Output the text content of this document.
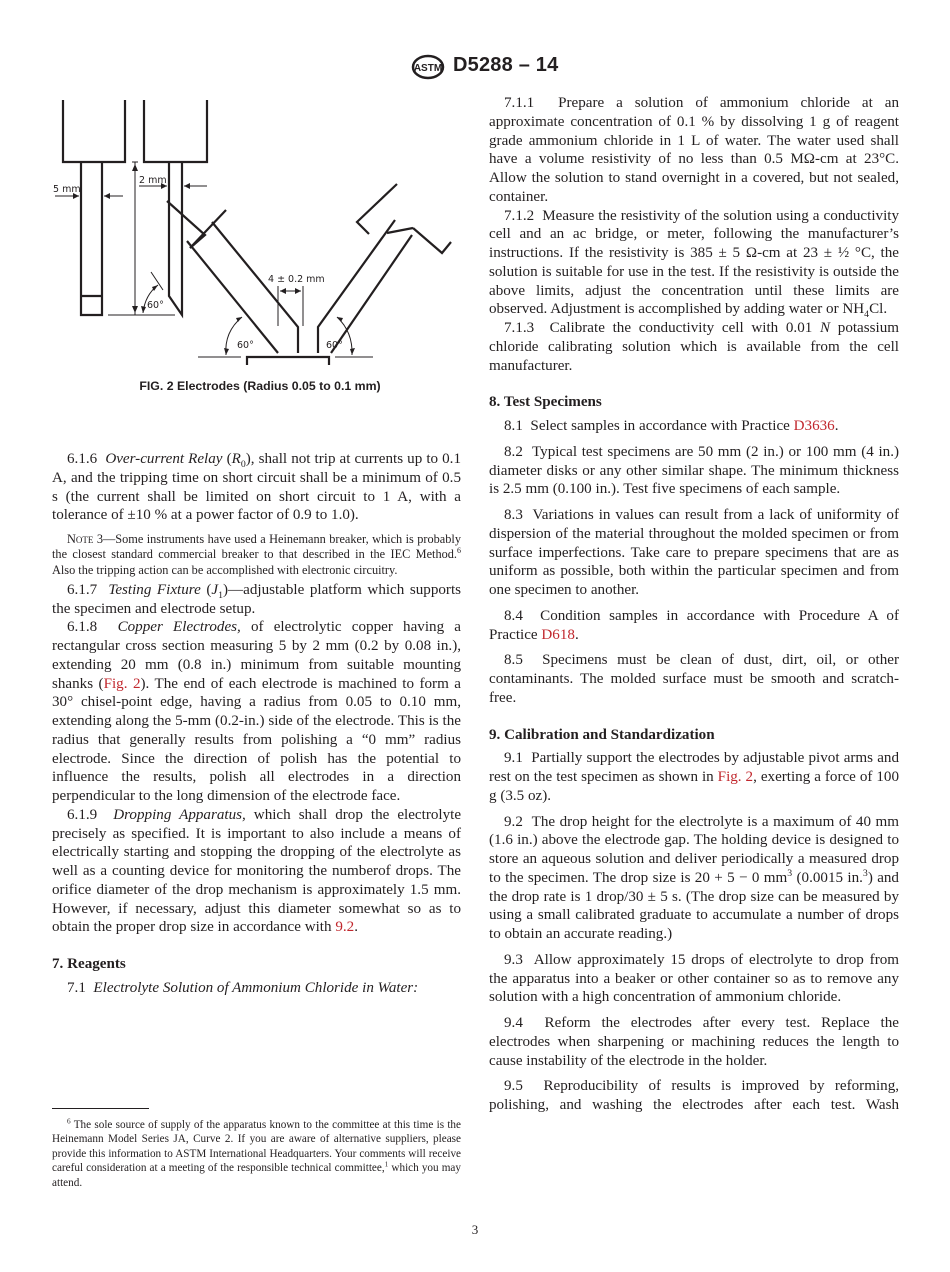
ASTM D5288 – 14
5 mm
2 mm
60°
4 ± 0.2 mm
60°	60°
FIG. 2 Electrodes (Radius 0.05 to 0.1 mm)

6.1.6 Over-current Relay $(R_0)$, shall not trip at currents up to 0.1 A, and the tripping time on short circuit shall be a minimum of 0.5 s (the current shall be limited on short circuit to 1 A, with a tolerance of ±10 % at a power factor of 0.9 to 1.0).

Note 3—Some instruments have used a Heinemann breaker, which is probably the closest standard commercial breaker to that described in the IEC Method.$^6$ Also the tripping action can be accomplished with electronic circuitry.

6.1.7 Testing Fixture $(J_1)—adjustable$ platform which supports the specimen and electrode setup.

6.1.8 Copper Electrodes, of electrolytic copper having a rectangular cross section measuring 5 by 2 mm (0.2 by 0.08 in.), extending 20 mm (0.8 in.) minimum from suitable mounting shanks (Fig. 2). The end of each electrode is machined to form a 30° chisel-point edge, having a radius from 0.05 to 0.10 mm, extending along the 5-mm (0.2-in.) side of the electrode. This is the radius that generally results from polishing a “0 mm” radius electrode. Since the direction of polish has the potential to influence the results, polish all electrodes in a direction perpendicular to the long dimension of the electrode face.

6.1.9 Dropping Apparatus, which shall drop the electrolyte precisely as specified. It is important to also include a means of electrically starting and stopping the dropping of the electrolyte as well as a counting device for monitoring the numberof drops. The orifice diameter of the drop mechanism is approximately 1.5 mm. However, if necessary, adjust this diameter somewhat so as to obtain the proper drop size in accordance with 9.2.

7. Reagents

7.1 Electrolyte Solution of Ammonium Chloride in Water:

$^6$ The sole source of supply of the apparatus known to the committee at this time is the Heinemann Model Series JA, Curve 2. If you are aware of alternative suppliers, please provide this information to ASTM International Headquarters. Your comments will receive careful consideration at a meeting of the responsible technical committee,$^1$ which you may attend.

7.1.1 Prepare a solution of ammonium chloride at an approximate concentration of 0.1 % by dissolving 1 g of reagent grade ammonium chloride in 1 L of water. The water used shall have a volume resistivity of no less than 0.5 MΩ-cm at 23°C. Allow the solution to stand overnight in a covered, but not sealed, container.

7.1.2 Measure the resistivity of the solution using a conductivity cell and an ac bridge, or meter, following the manufacturer’s instructions. If the resistivity is 385 ± 5 Ω-cm at 23 ± ½ °C, the solution is suitable for use in the test. If the resistivity is outside the above limits, adjust the concentration until these limits are observed. Adjustment is accomplished by adding water or $NH_4Cl$.

7.1.3 Calibrate the conductivity cell with 0.01 N potassium chloride calibrating solution which is available from the cell manufacturer.

8. Test Specimens

8.1 Select samples in accordance with Practice D3636.

8.2 Typical test specimens are 50 mm (2 in.) or 100 mm (4 in.) diameter disks or any other similar shape. The minimum thickness is 2.5 mm (0.100 in.). Test five specimens of each sample.

8.3 Variations in values can result from a lack of uniformity of dispersion of the material throughout the molded specimen or from surface imperfections. Take care to prepare specimens that are as uniform as possible, both within the particular specimen and from one specimen to another.

8.4 Condition samples in accordance with Procedure A of Practice D618.

8.5 Specimens must be clean of dust, dirt, oil, or other contaminants. The molded surface must be smooth and scratch-free.

9. Calibration and Standardization

9.1 Partially support the electrodes by adjustable pivot arms and rest on the test specimen as shown in Fig. 2, exerting a force of 100 g (3.5 oz).

9.2 The drop height for the electrolyte is a maximum of 40 mm (1.6 in.) above the electrode gap. The holding device is designed to store an aqueous solution and deliver periodically a measured drop to the specimen. The drop size is 20 + 5 − 0 $mm^3$ (0.0015 in.$^3$) and the drop rate is 1 drop/30 ± 5 s. (The drop size can be measured by using a small calibrated graduate to accumulate a number of drops to obtain an accurate reading.)

9.3 Allow approximately 15 drops of electrolyte to drop from the apparatus into a beaker or other container so as to remove any solution with a high concentration of ammonium chloride.

9.4 Reform the electrodes after every test. Replace the electrodes when sharpening or machining reduces the length to cause instability of the electrode in the holder.

9.5 Reproducibility of results is improved by reforming, polishing, and washing the electrodes after each test. Wash

3
